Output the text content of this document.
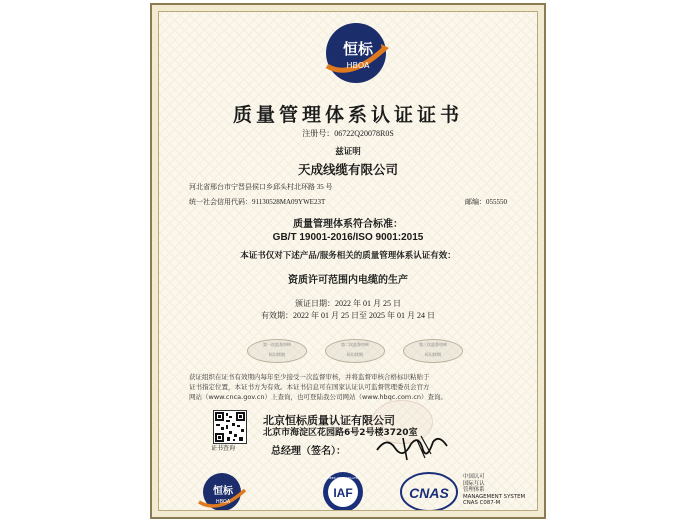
恒标
HBOA
质量管理体系认证证书
注册号：06722Q20078R0S
兹证明
天成线缆有限公司
河北省邢台市宁晋县侯口乡邱头村北环路 35 号
统一社会信用代码：91130528MA09YWE23T	邮编：055550
质量管理体系符合标准：
GB/T 19001-2016/ISO 9001:2015
本证书仅对下述产品/服务相关的质量管理体系认证有效：
资质许可范围内电缆的生产
颁证日期：2022 年 01 月 25 日
有效期：2022 年 01 月 25 日至 2025 年 01 月 24 日
第一次监督审核
标识续期
第二次监督审核
标识续期
第三次监督审核
标识续期
获证组织在证书有效期内每年至少接受一次监督审核，并将监督审核合格标识粘贴于
证书指定位置，本证书方为有效。本证书信息可在国家认证认可监督管理委员会官方
网站（www.cnca.gov.cn）上查询，也可登陆我公司网站（www.hbqc.com.cn）查询。
证书查询
北京恒标质量认证有限公司
北京市海淀区花园路6号2号楼3720室
总经理（签名）：
恒标
HBOA
IAF
MEMBER OF MULTILATERAL
CNAS
中国认可
国际互认
管理体系
MANAGEMENT SYSTEM
CNAS C087-M
